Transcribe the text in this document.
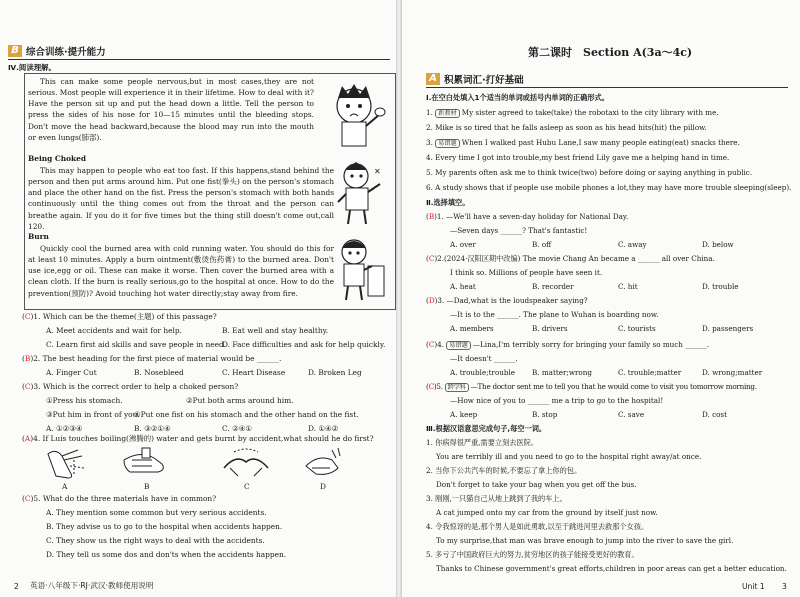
B 综合训练·提升能力
Ⅳ.阅读理解。

This can make some people nervous,but in most cases,they are not serious. Most people will experience it in their lifetime. How to deal with it? Have the person sit up and put the head down a little. Tell the person to press the sides of his nose for 10—15 minutes until the bleeding stops. Don't move the head backward,because the blood may run into the mouth or even lungs(肺部).

Being Choked

This may happen to people who eat too fast. If this happens,stand behind the person and then put arms around him. Put one fist(拳头) on the person's stomach and place the other hand on the fist. Press the person's stomach with both hands continuously until the thing comes out from the throat and the person can breathe again. If you do it for five times but the thing still doesn't come out,call 120.

Burn

Quickly cool the burned area with cold running water. You should do this for at least 10 minutes. Apply a burn ointment(敷烫伤药膏) to the burned area. Don't use ice,egg or oil. These can make it worse. Then cover the burned area with a clean cloth. If the burn is really serious,go to the hospital at once. How to do the prevention(预防)? Avoid touching hot water directly;stay away from fire.

✕
(C)1. Which can be the theme(主题) of this passage?
A. Meet accidents and wait for help.	B. Eat well and stay healthy.
C. Learn first aid skills and save people in need.
D. Face difficulties and ask for help quickly.
(B)2. The best heading for the first piece of material would be ______.
A. Finger Cut	B. Nosebleed	C. Heart Disease	D. Broken Leg
(C)3. Which is the correct order to help a choked person?
①Press his stomach.	②Put both arms around him.
③Put him in front of you.
④Put one fist on his stomach and the other hand on the fist.
A. ①②③④	B. ③②①④	C. ②④①	D. ①④②
(A)4. If Luis touches boiling(沸腾的) water and gets burnt by accident,what should he do first?
A	B	C	D
(C)5. What do the three materials have in common?
A. They mention some common but very serious accidents.
B. They advise us to go to the hospital when accidents happen.
C. They show us the right ways to deal with the accidents.
D. They tell us some dos and don'ts when the accidents happen.
2 英语·八年级下·RJ·武汉·教师使用说明
第二课时　Section A(3a～4c)
A 积累词汇·打好基础
Ⅰ.在空白处填入1个适当的单词或括号内单词的正确形式。
1. 新教材 My sister agreed to take(take) the robotaxi to the city library with me.
2. Mike is so tired that he falls asleep as soon as his head hits(hit) the pillow.
3. 易错题 When I walked past Hubu Lane,I saw many people eating(eat) snacks there.
4. Every time I got into trouble,my best friend Lily gave me a helping hand in time.
5. My parents often ask me to think twice(two) before doing or saying anything in public.
6. A study shows that if people use mobile phones a lot,they may have more trouble sleeping(sleep).
Ⅱ.选择填空。
(B)1. —We'll have a seven-day holiday for National Day.
—Seven days ______? That's fantastic!
A. over	B. off	C. away	D. below
(C)2.(2024·汉阳区期中改编) The movie Chang An became a ______ all over China.
I think so. Millions of people have seen it.
A. heat	B. recorder	C. hit	D. trouble
(D)3. —Dad,what is the loudspeaker saying?
—It is to the ______. The plane to Wuhan is boarding now.
A. members	B. drivers	C. tourists	D. passengers
(C)4. 易错题 —Lina,I'm terribly sorry for bringing your family so much ______.
—It doesn't ______.
A. trouble;trouble B. matter;wrong	C. trouble;matter	D. wrong;matter
(C)5. 跨学科 —The doctor sent me to tell you that he would come to visit you tomorrow morning.
—How nice of you to ______ me a trip to go to the hospital!
A. keep	B. stop	C. save	D. cost
Ⅲ.根据汉语意思完成句子,每空一词。
1. 你病得很严重,需要立刻去医院。
You are terribly ill and you need to go to the hospital right away/at once.
2. 当你下公共汽车的时候,不要忘了拿上你的包。
Don't forget to take your bag when you get off the bus.
3. 刚刚,一只猫自己从地上跳到了我的车上。
A cat jumped onto my car from the ground by itself just now.
4. 令我惊讶的是,那个男人是如此勇敢,以至于跳进河里去救那个女孩。
To my surprise,that man was brave enough to jump into the river to save the girl.
5. 多亏了中国政府巨大的努力,贫穷地区的孩子能接受更好的教育。
Thanks to Chinese government's great efforts,children in poor areas can get a better education.
Unit 1 3
